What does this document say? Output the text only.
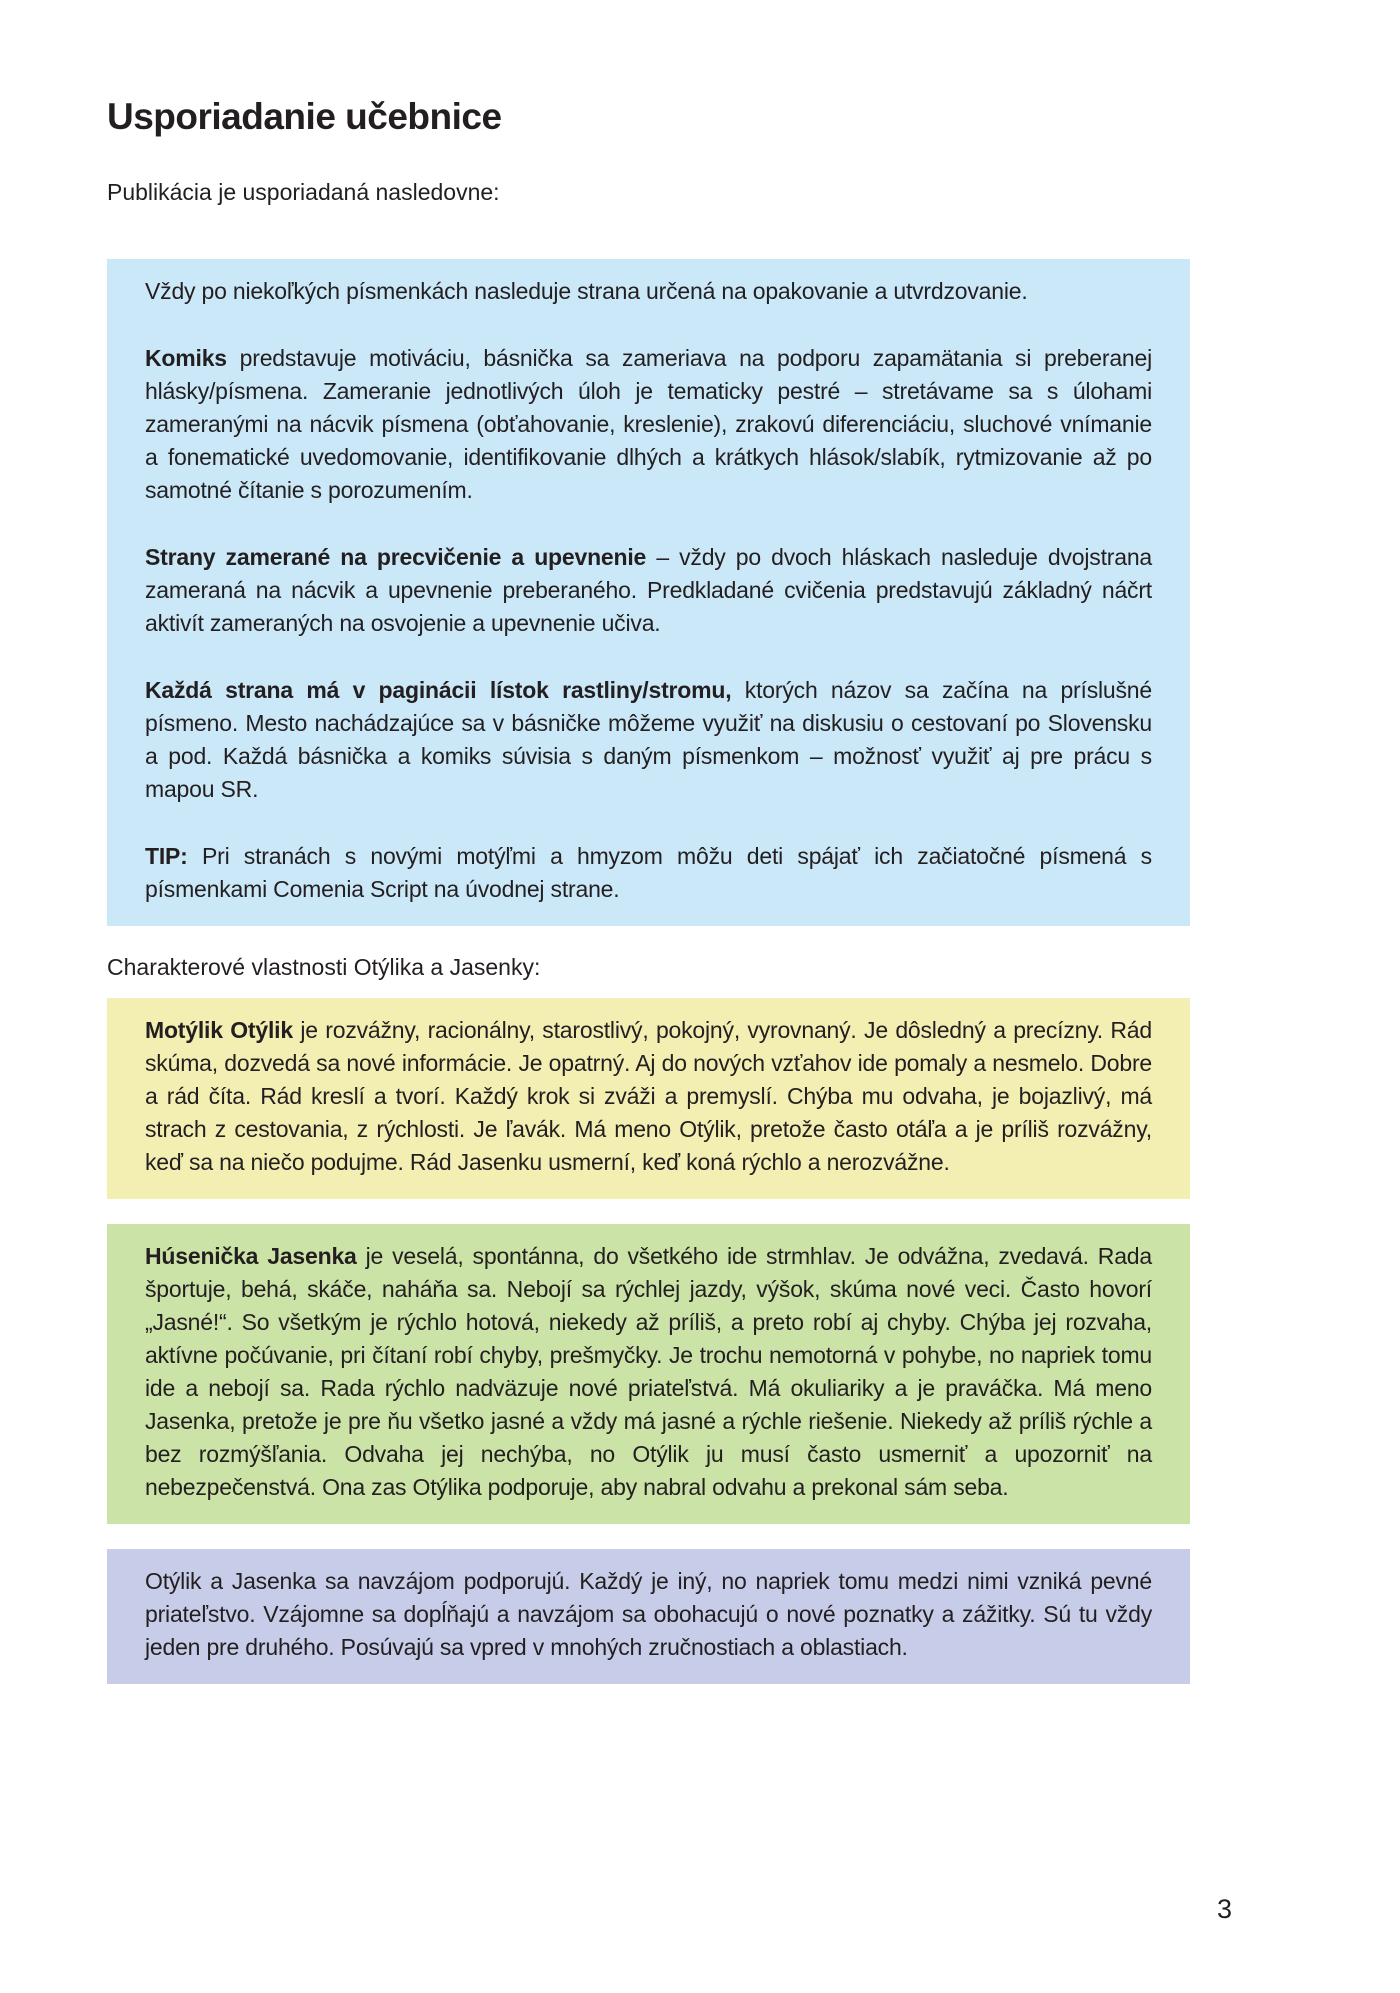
Usporiadanie učebnice

Publikácia je usporiadaná nasledovne:

Vždy po niekoľkých písmenkách nasleduje strana určená na opakovanie a utvrdzovanie.

Komiks predstavuje motiváciu, básnička sa zameriava na podporu zapamätania si preberanej hlásky/písmena. Zameranie jednotlivých úloh je tematicky pestré – stretávame sa s úlohami zameranými na nácvik písmena (obťahovanie, kreslenie), zrakovú diferenciáciu, sluchové vnímanie a fonematické uvedomovanie, identifikovanie dlhých a krátkych hlások/slabík, rytmizovanie až po samotné čítanie s porozumením.

Strany zamerané na precvičenie a upevnenie – vždy po dvoch hláskach nasleduje dvojstrana zameraná na nácvik a upevnenie preberaného. Predkladané cvičenia predstavujú základný náčrt aktivít zameraných na osvojenie a upevnenie učiva.

Každá strana má v paginácii lístok rastliny/stromu, ktorých názov sa začína na príslušné písmeno. Mesto nachádzajúce sa v básničke môžeme využiť na diskusiu o cestovaní po Slovensku a pod. Každá básnička a komiks súvisia s daným písmenkom – možnosť využiť aj pre prácu s mapou SR.

TIP: Pri stranách s novými motýľmi a hmyzom môžu deti spájať ich začiatočné písmená s písmenkami Comenia Script na úvodnej strane.

Charakterové vlastnosti Otýlika a Jasenky:

Motýlik Otýlik je rozvážny, racionálny, starostlivý, pokojný, vyrovnaný. Je dôsledný a precízny. Rád skúma, dozvedá sa nové informácie. Je opatrný. Aj do nových vzťahov ide pomaly a nesmelo. Dobre a rád číta. Rád kreslí a tvorí. Každý krok si zváži a premyslí. Chýba mu odvaha, je bojazlivý, má strach z cestovania, z rýchlosti. Je ľavák. Má meno Otýlik, pretože často otáľa a je príliš rozvážny, keď sa na niečo podujme. Rád Jasenku usmerní, keď koná rýchlo a nerozvážne.

Húsenička Jasenka je veselá, spontánna, do všetkého ide strmhlav. Je odvážna, zvedavá. Rada športuje, behá, skáče, naháňa sa. Nebojí sa rýchlej jazdy, výšok, skúma nové veci. Často hovorí „Jasné!“. So všetkým je rýchlo hotová, niekedy až príliš, a preto robí aj chyby. Chýba jej rozvaha, aktívne počúvanie, pri čítaní robí chyby, prešmyčky. Je trochu nemotorná v pohybe, no napriek tomu ide a nebojí sa. Rada rýchlo nadväzuje nové priateľstvá. Má okuliariky a je praváčka. Má meno Jasenka, pretože je pre ňu všetko jasné a vždy má jasné a rýchle riešenie. Niekedy až príliš rýchle a bez rozmýšľania. Odvaha jej nechýba, no Otýlik ju musí často usmerniť a upozorniť na nebezpečenstvá. Ona zas Otýlika podporuje, aby nabral odvahu a prekonal sám seba.

Otýlik a Jasenka sa navzájom podporujú. Každý je iný, no napriek tomu medzi nimi vzniká pevné priateľstvo. Vzájomne sa dopĺňajú a navzájom sa obohacujú o nové poznatky a zážitky. Sú tu vždy jeden pre druhého. Posúvajú sa vpred v mnohých zručnostiach a oblastiach.

3
